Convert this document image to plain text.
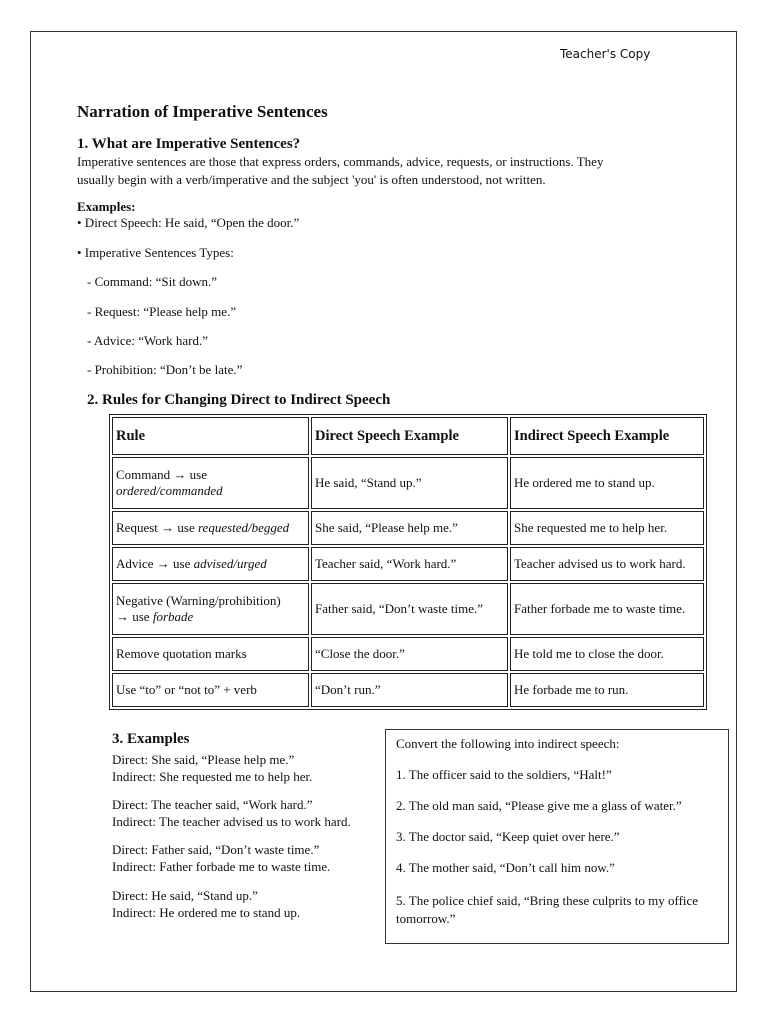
Teacher's Copy
Narration of Imperative Sentences
1. What are Imperative Sentences?
Imperative sentences are those that express orders, commands, advice, requests, or instructions. They
usually begin with a verb/imperative and the subject 'you' is often understood, not written.
Examples:
• Direct Speech: He said, “Open the door.”
• Imperative Sentences Types:
- Command: “Sit down.”
- Request: “Please help me.”
- Advice: “Work hard.”
- Prohibition: “Don’t be late.”
2. Rules for Changing Direct to Indirect Speech
Rule	Direct Speech Example	Indirect Speech Example
Command → use
ordered/commanded	He said, “Stand up.”	He ordered me to stand up.
Request → use requested/begged	She said, “Please help me.”	She requested me to help her.
Advice → use advised/urged	Teacher said, “Work hard.”	Teacher advised us to work hard.
Negative (Warning/prohibition)
→ use forbade	Father said, “Don’t waste time.”	Father forbade me to waste time.
Remove quotation marks	“Close the door.”	He told me to close the door.
Use “to” or “not to” + verb	“Don’t run.”	He forbade me to run.
3. Examples
Direct: She said, “Please help me.”
Indirect: She requested me to help her.
Direct: The teacher said, “Work hard.”
Indirect: The teacher advised us to work hard.
Direct: Father said, “Don’t waste time.”
Indirect: Father forbade me to waste time.
Direct: He said, “Stand up.”
Indirect: He ordered me to stand up.
Convert the following into indirect speech:
1. The officer said to the soldiers, “Halt!”
2. The old man said, “Please give me a glass of water.”
3. The doctor said, “Keep quiet over here.”
4. The mother said, “Don’t call him now.”
5. The police chief said, “Bring these culprits to my office tomorrow.”
